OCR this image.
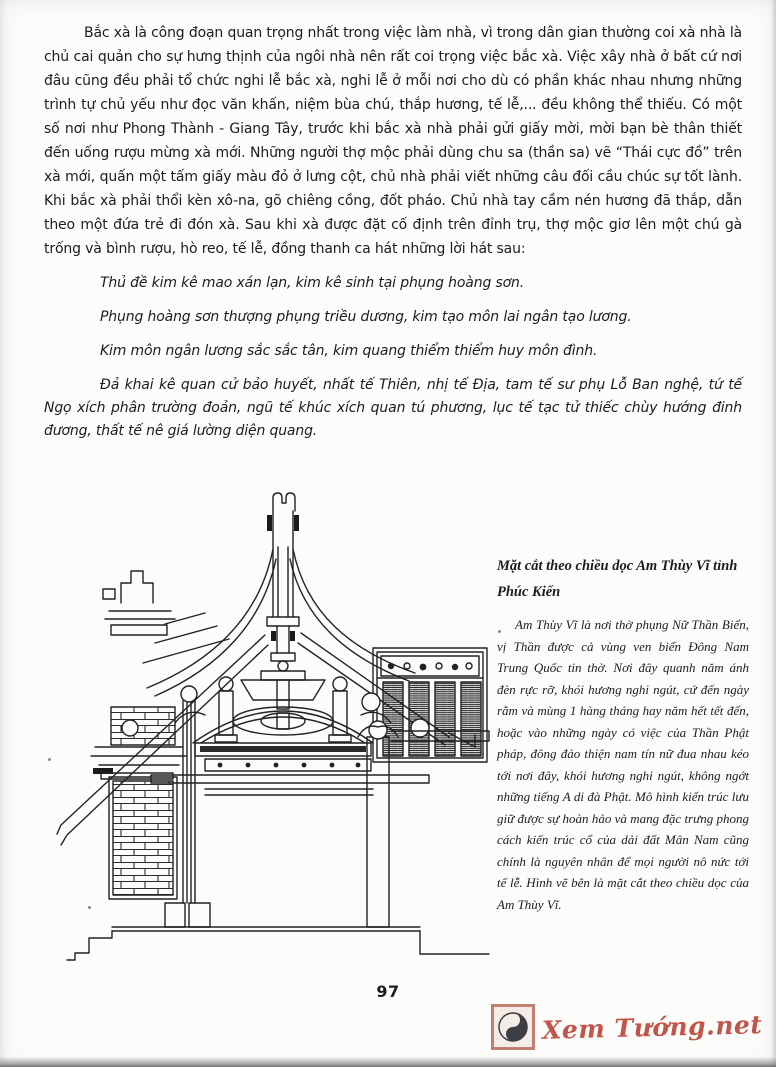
Bắc xà là công đoạn quan trọng nhất trong việc làm nhà, vì trong dân gian thường coi xà nhà là chủ cai quản cho sự hưng thịnh của ngôi nhà nên rất coi trọng việc bắc xà. Việc xây nhà ở bất cứ nơi đâu cũng đều phải tổ chức nghi lễ bắc xà, nghi lễ ở mỗi nơi cho dù có phần khác nhau nhưng những trình tự chủ yếu như đọc văn khấn, niệm bùa chú, thắp hương, tế lễ,... đều không thể thiếu. Có một số nơi như Phong Thành - Giang Tây, trước khi bắc xà nhà phải gửi giấy mời, mời bạn bè thân thiết đến uống rượu mừng xà mới. Những người thợ mộc phải dùng chu sa (thần sa) vẽ “Thái cực đồ” trên xà mới, quấn một tấm giấy màu đỏ ở lưng cột, chủ nhà phải viết những câu đối cầu chúc sự tốt lành. Khi bắc xà phải thổi kèn xô-na, gõ chiêng cồng, đốt pháo. Chủ nhà tay cầm nén hương đã thắp, dẫn theo một đứa trẻ đi đón xà. Sau khi xà được đặt cố định trên đỉnh trụ, thợ mộc giơ lên một chú gà trống và bình rượu, hò reo, tế lễ, đồng thanh ca hát những lời hát sau:

Thủ đề kim kê mao xán lạn, kim kê sinh tại phụng hoàng sơn.

Phụng hoàng sơn thượng phụng triều dương, kim tạo môn lai ngân tạo lương.

Kim môn ngân lương sắc sắc tân, kim quang thiểm thiểm huy môn đình.

Đả khai kê quan cử bảo huyết, nhất tế Thiên, nhị tế Địa, tam tế sư phụ Lỗ Ban nghệ, tứ tế Ngọ xích phân trường đoản, ngũ tế khúc xích quan tú phương, lục tế tạc tử thiếc chùy hướng đinh đương, thất tế nê giá lường diện quang.

Mặt cắt theo chiều dọc Am Thùy Vĩ tỉnh Phúc Kiến

Am Thùy Vĩ là nơi thờ phụng Nữ Thần Biển, vị Thần được cả vùng ven biển Đông Nam Trung Quốc tin thờ. Nơi đây quanh năm ánh đèn rực rỡ, khói hương nghi ngút, cứ đến ngày rằm và mùng 1 hàng tháng hay năm hết tết đến, hoặc vào những ngày có việc của Thần Phật pháp, đông đảo thiện nam tín nữ đua nhau kéo tới nơi đây, khói hương nghi ngút, không ngớt những tiếng A di đà Phật. Mô hình kiến trúc lưu giữ được sự hoàn hảo và mang đặc trưng phong cách kiến trúc cổ của dải đất Mân Nam cũng chính là nguyên nhân để mọi người nô nức tới tế lễ. Hình vẽ bên là mặt cắt theo chiều dọc của Am Thùy Vĩ.

97
Xem Tướng.net
